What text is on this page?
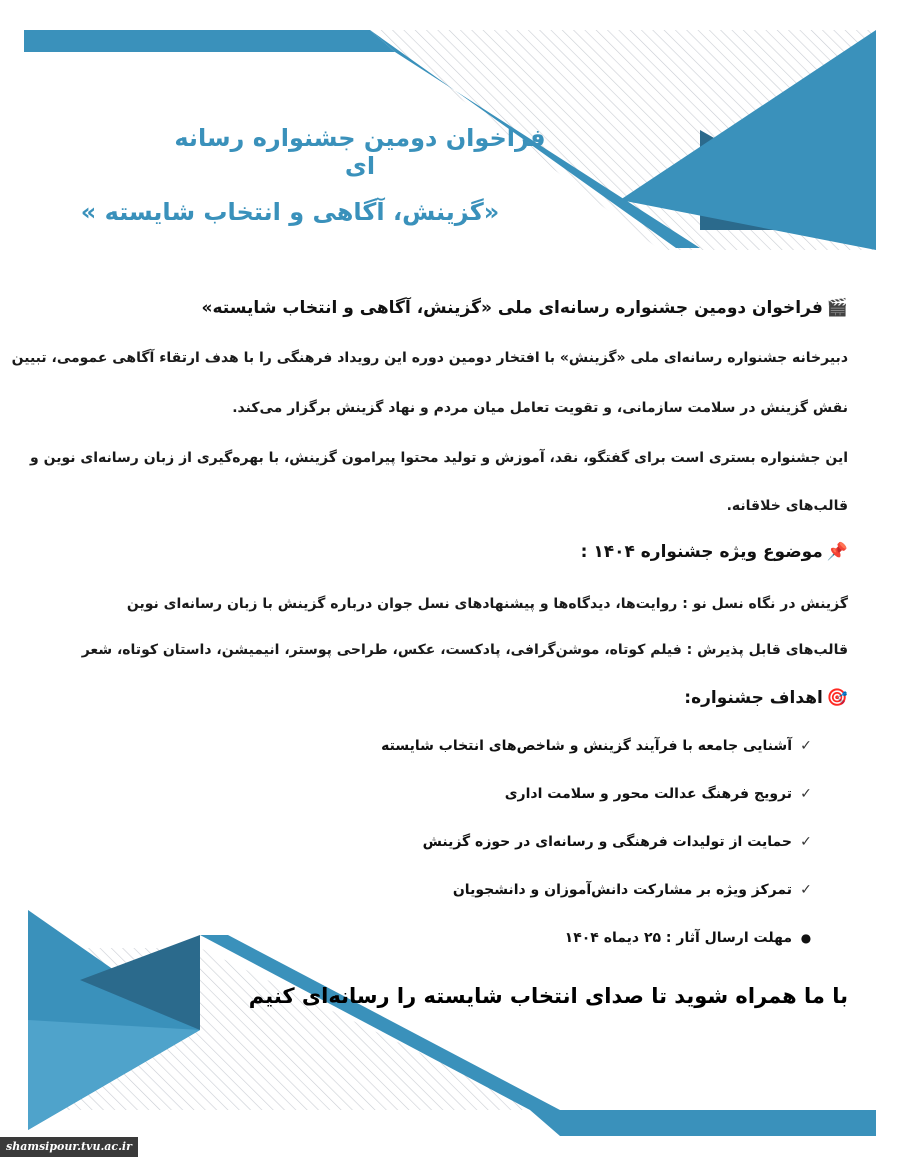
فراخوان دومین جشنواره رسانه ای
«گزینش، آگاهی و انتخاب شایسته »
🎬فراخوان دومین جشنواره رسانه‌ای ملی «گزینش، آگاهی و انتخاب شایسته»
دبیرخانه جشنواره رسانه‌ای ملی «گزینش» با افتخار دومین دوره این رویداد فرهنگی را با هدف ارتقاء آگاهی عمومی، تبیین
نقش گزینش در سلامت سازمانی، و تقویت تعامل میان مردم و نهاد گزینش برگزار می‌کند.
این جشنواره بستری است برای گفتگو، نقد، آموزش و تولید محتوا پیرامون گزینش، با بهره‌گیری از زبان رسانه‌ای نوین و
قالب‌های خلاقانه.
📌موضوع ویژه جشنواره ۱۴۰۴ :
گزینش در نگاه نسل نو : روایت‌ها، دیدگاه‌ها و پیشنهادهای نسل جوان درباره گزینش با زبان رسانه‌ای نوین
قالب‌های قابل پذیرش : فیلم کوتاه، موشن‌گرافی، پادکست، عکس، طراحی پوستر، انیمیشن، داستان کوتاه، شعر
🎯اهداف جشنواره:
✓آشنایی جامعه با فرآیند گزینش و شاخص‌های انتخاب شایسته
✓ترویج فرهنگ عدالت محور و سلامت اداری
✓حمایت از تولیدات فرهنگی و رسانه‌ای در حوزه گزینش
✓تمرکز ویژه بر مشارکت دانش‌آموزان و دانشجویان
●مهلت ارسال آثار : ۲۵ دیماه ۱۴۰۴
با ما همراه شوید تا صدای انتخاب شایسته را رسانه‌ای کنیم
shamsipour.tvu.ac.ir
